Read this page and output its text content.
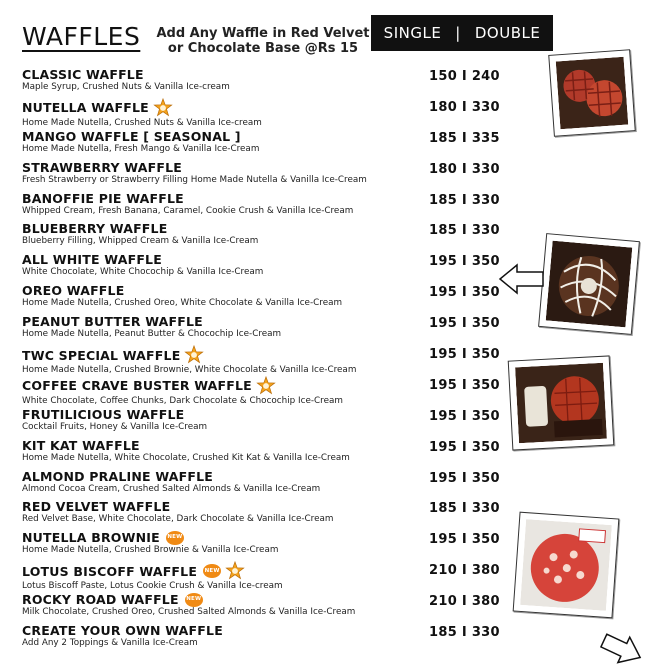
WAFFLES	Add Any Waffle in Red Velvet
or Chocolate Base @Rs 15
SINGLE | DOUBLE
CLASSIC WAFFLE
Maple Syrup, Crushed Nuts & Vanilla Ice-cream
150 I 240
NUTELLA WAFFLE
Home Made Nutella, Crushed Nuts & Vanilla Ice-cream
180 I 330
MANGO WAFFLE [ SEASONAL ]
Home Made Nutella, Fresh Mango & Vanilla Ice-Cream
185 I 335
STRAWBERRY WAFFLE
Fresh Strawberry or Strawberry Filling Home Made Nutella & Vanilla Ice-Cream
180 I 330
BANOFFIE PIE WAFFLE
Whipped Cream, Fresh Banana, Caramel, Cookie Crush & Vanilla Ice-Cream
185 I 330
BLUEBERRY WAFFLE
Blueberry Filling, Whipped Cream & Vanilla Ice-Cream
185 I 330
ALL WHITE WAFFLE
White Chocolate, White Chocochip & Vanilla Ice-Cream
195 I 350
OREO WAFFLE
Home Made Nutella, Crushed Oreo, White Chocolate & Vanilla Ice-Cream
195 I 350
PEANUT BUTTER WAFFLE
Home Made Nutella, Peanut Butter & Chocochip Ice-Cream
195 I 350
TWC SPECIAL WAFFLE
Home Made Nutella, Crushed Brownie, White Chocolate & Vanilla Ice-Cream
195 I 350
COFFEE CRAVE BUSTER WAFFLE
White Chocolate, Coffee Chunks, Dark Chocolate & Chocochip Ice-Cream
195 I 350
FRUTILICIOUS WAFFLE
Cocktail Fruits, Honey & Vanilla Ice-Cream
195 I 350
KIT KAT WAFFLE
Home Made Nutella, White Chocolate, Crushed Kit Kat & Vanilla Ice-Cream
195 I 350
ALMOND PRALINE WAFFLE
Almond Cocoa Cream, Crushed Salted Almonds & Vanilla Ice-Cream
195 I 350
RED VELVET WAFFLE
Red Velvet Base, White Chocolate, Dark Chocolate & Vanilla Ice-Cream
185 I 330
NUTELLA BROWNIE NEW
Home Made Nutella, Crushed Brownie & Vanilla Ice-Cream
195 I 350
LOTUS BISCOFF WAFFLE NEW
Lotus Biscoff Paste, Lotus Cookie Crush & Vanilla Ice-cream
210 I 380
ROCKY ROAD WAFFLE NEW
Milk Chocolate, Crushed Oreo, Crushed Salted Almonds & Vanilla Ice-Cream
210 I 380
CREATE YOUR OWN WAFFLE
Add Any 2 Toppings & Vanilla Ice-Cream
185 I 330
